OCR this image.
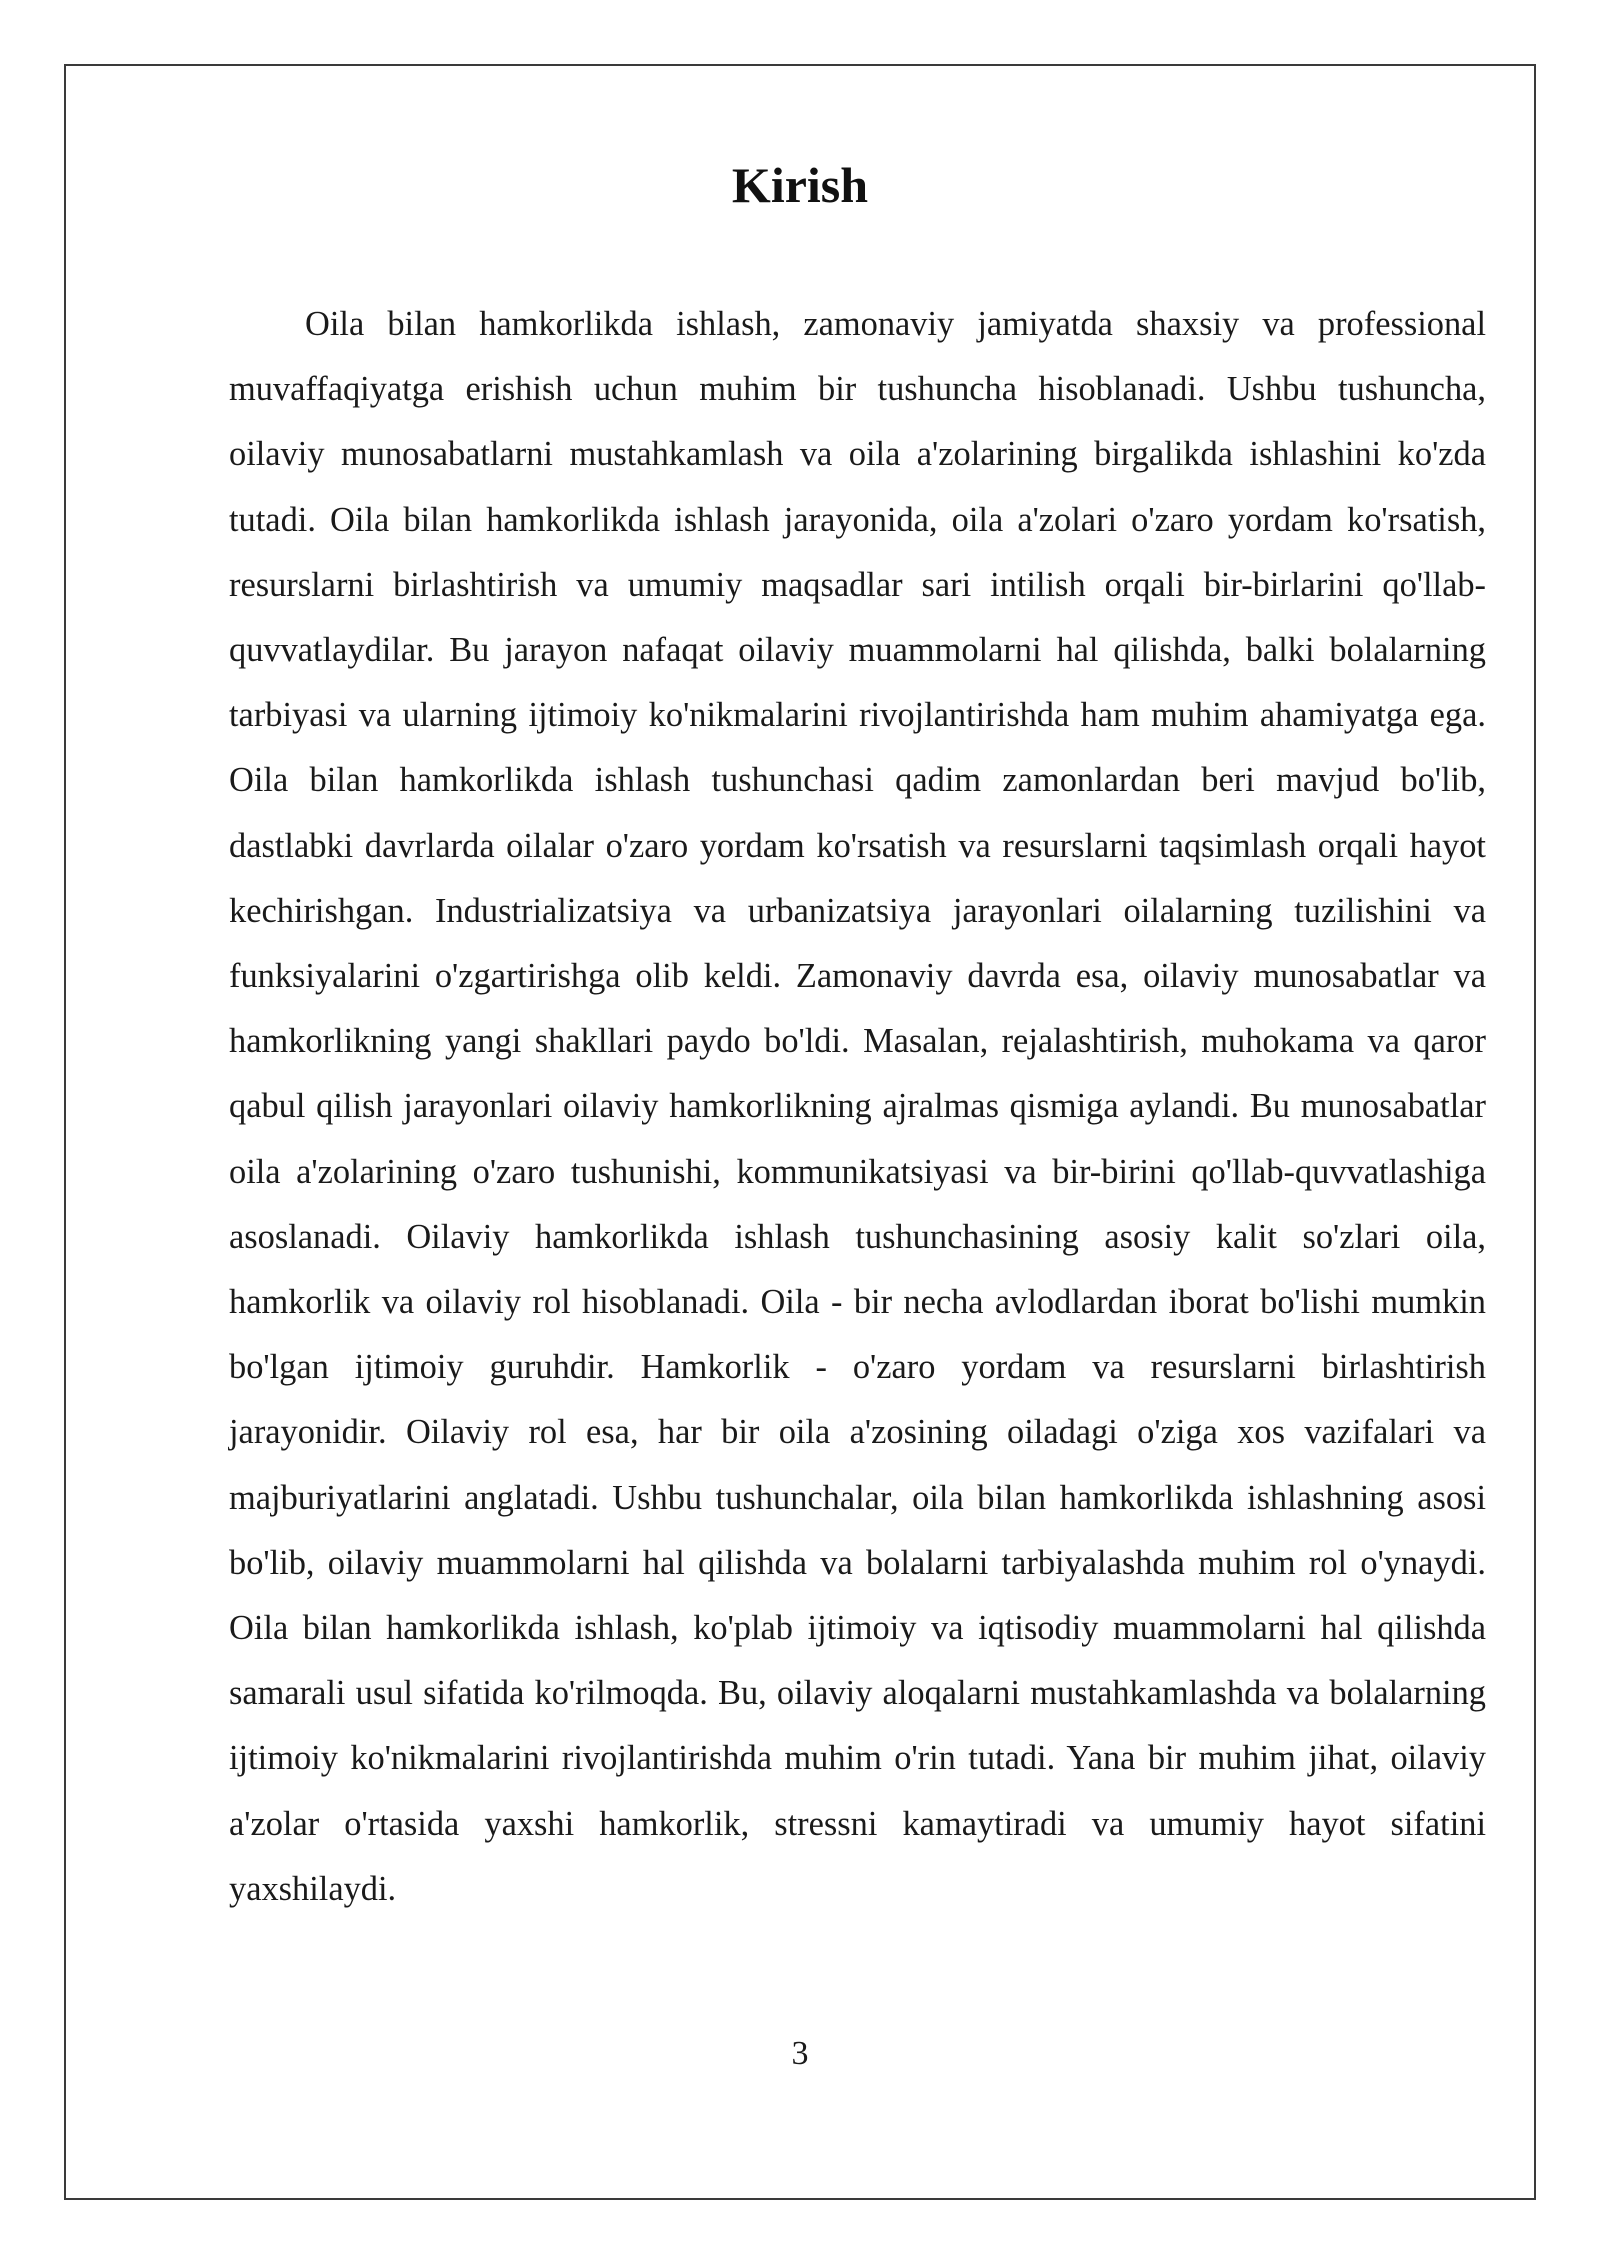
Kirish

Oila bilan hamkorlikda ishlash, zamonaviy jamiyatda shaxsiy va professional muvaffaqiyatga erishish uchun muhim bir tushuncha hisoblanadi. Ushbu tushuncha, oilaviy munosabatlarni mustahkamlash va oila a'zolarining birgalikda ishlashini ko'zda tutadi. Oila bilan hamkorlikda ishlash jarayonida, oila a'zolari o'zaro yordam ko'rsatish, resurslarni birlashtirish va umumiy maqsadlar sari intilish orqali bir-birlarini qo'llab-quvvatlaydilar. Bu jarayon nafaqat oilaviy muammolarni hal qilishda, balki bolalarning tarbiyasi va ularning ijtimoiy ko'nikmalarini rivojlantirishda ham muhim ahamiyatga ega. Oila bilan hamkorlikda ishlash tushunchasi qadim zamonlardan beri mavjud bo'lib, dastlabki davrlarda oilalar o'zaro yordam ko'rsatish va resurslarni taqsimlash orqali hayot kechirishgan. Industrializatsiya va urbanizatsiya jarayonlari oilalarning tuzilishini va funksiyalarini o'zgartirishga olib keldi. Zamonaviy davrda esa, oilaviy munosabatlar va hamkorlikning yangi shakllari paydo bo'ldi. Masalan, rejalashtirish, muhokama va qaror qabul qilish jarayonlari oilaviy hamkorlikning ajralmas qismiga aylandi. Bu munosabatlar oila a'zolarining o'zaro tushunishi, kommunikatsiyasi va bir-birini qo'llab-quvvatlashiga asoslanadi. Oilaviy hamkorlikda ishlash tushunchasining asosiy kalit so'zlari oila, hamkorlik va oilaviy rol hisoblanadi. Oila - bir necha avlodlardan iborat bo'lishi mumkin bo'lgan ijtimoiy guruhdir. Hamkorlik - o'zaro yordam va resurslarni birlashtirish jarayonidir. Oilaviy rol esa, har bir oila a'zosining oiladagi o'ziga xos vazifalari va majburiyatlarini anglatadi. Ushbu tushunchalar, oila bilan hamkorlikda ishlashning asosi bo'lib, oilaviy muammolarni hal qilishda va bolalarni tarbiyalashda muhim rol o'ynaydi. Oila bilan hamkorlikda ishlash, ko'plab ijtimoiy va iqtisodiy muammolarni hal qilishda samarali usul sifatida ko'rilmoqda. Bu, oilaviy aloqalarni mustahkamlashda va bolalarning ijtimoiy ko'nikmalarini rivojlantirishda muhim o'rin tutadi. Yana bir muhim jihat, oilaviy a'zolar o'rtasida yaxshi hamkorlik, stressni kamaytiradi va umumiy hayot sifatini yaxshilaydi.

3
